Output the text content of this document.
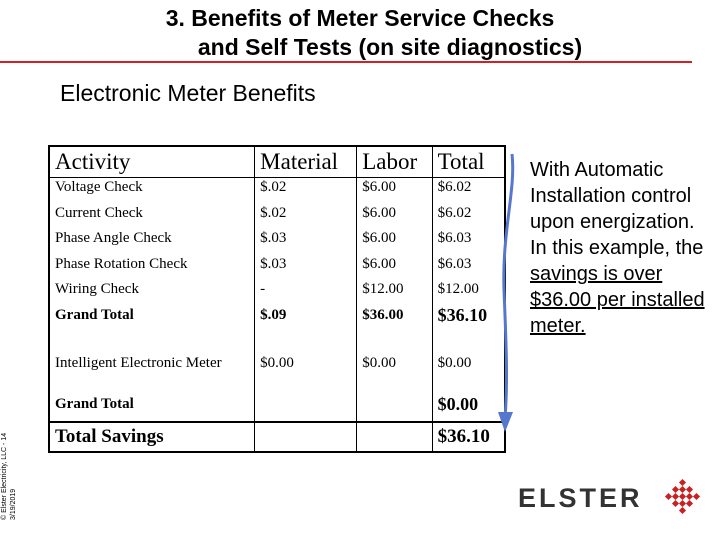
3. Benefits of Meter Service Checks
and Self Tests (on site diagnostics)
Electronic Meter Benefits
Activity	Material	Labor	Total
Voltage Check	$.02	$6.00	$6.02
Current Check	$.02	$6.00	$6.02
Phase Angle Check	$.03	$6.00	$6.03
Phase Rotation Check	$.03	$6.00	$6.03
Wiring Check	-	$12.00	$12.00
Grand Total	$.09	$36.00	$36.10

Intelligent Electronic Meter	$0.00	$0.00	$0.00
Grand Total			$0.00
Total Savings			$36.10
With Automatic Installation control upon energization. In this example, the savings is over $36.00 per installed meter.
© Elster Electricity, LLC - 14 3/19/2019	ELSTER
